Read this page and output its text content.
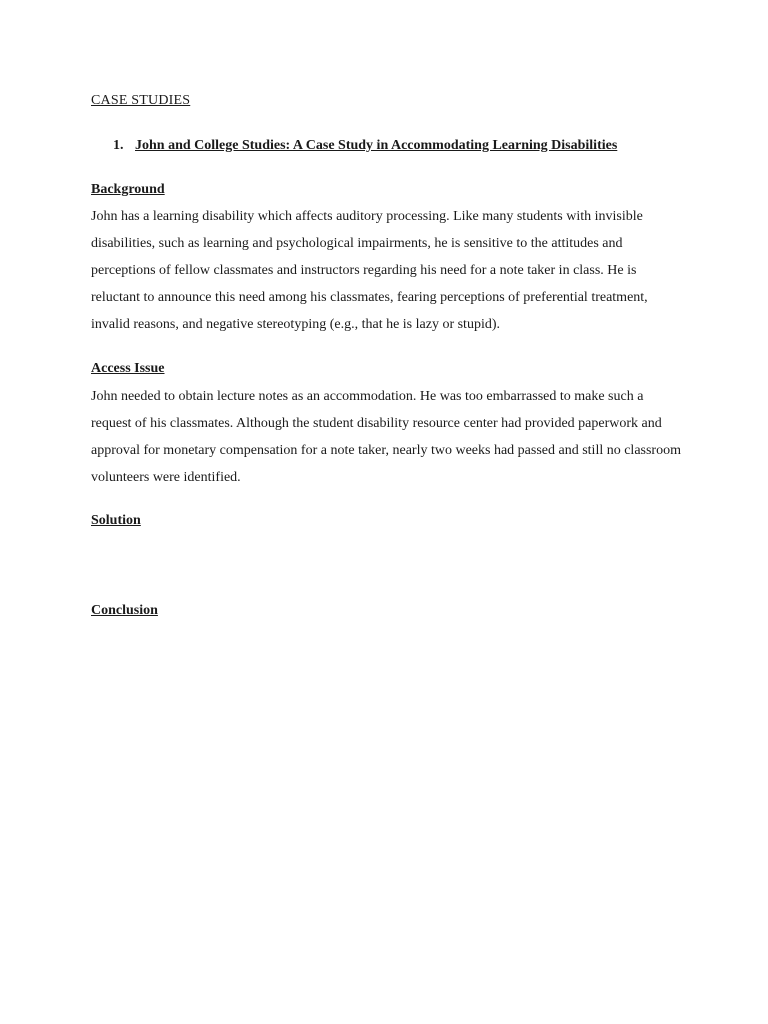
CASE STUDIES
1. John and College Studies: A Case Study in Accommodating Learning Disabilities
Background

John has a learning disability which affects auditory processing. Like many students with invisible disabilities, such as learning and psychological impairments, he is sensitive to the attitudes and perceptions of fellow classmates and instructors regarding his need for a note taker in class. He is reluctant to announce this need among his classmates, fearing perceptions of preferential treatment, invalid reasons, and negative stereotyping (e.g., that he is lazy or stupid).

Access Issue

John needed to obtain lecture notes as an accommodation. He was too embarrassed to make such a request of his classmates. Although the student disability resource center had provided paperwork and approval for monetary compensation for a note taker, nearly two weeks had passed and still no classroom volunteers were identified.

Solution
Conclusion
